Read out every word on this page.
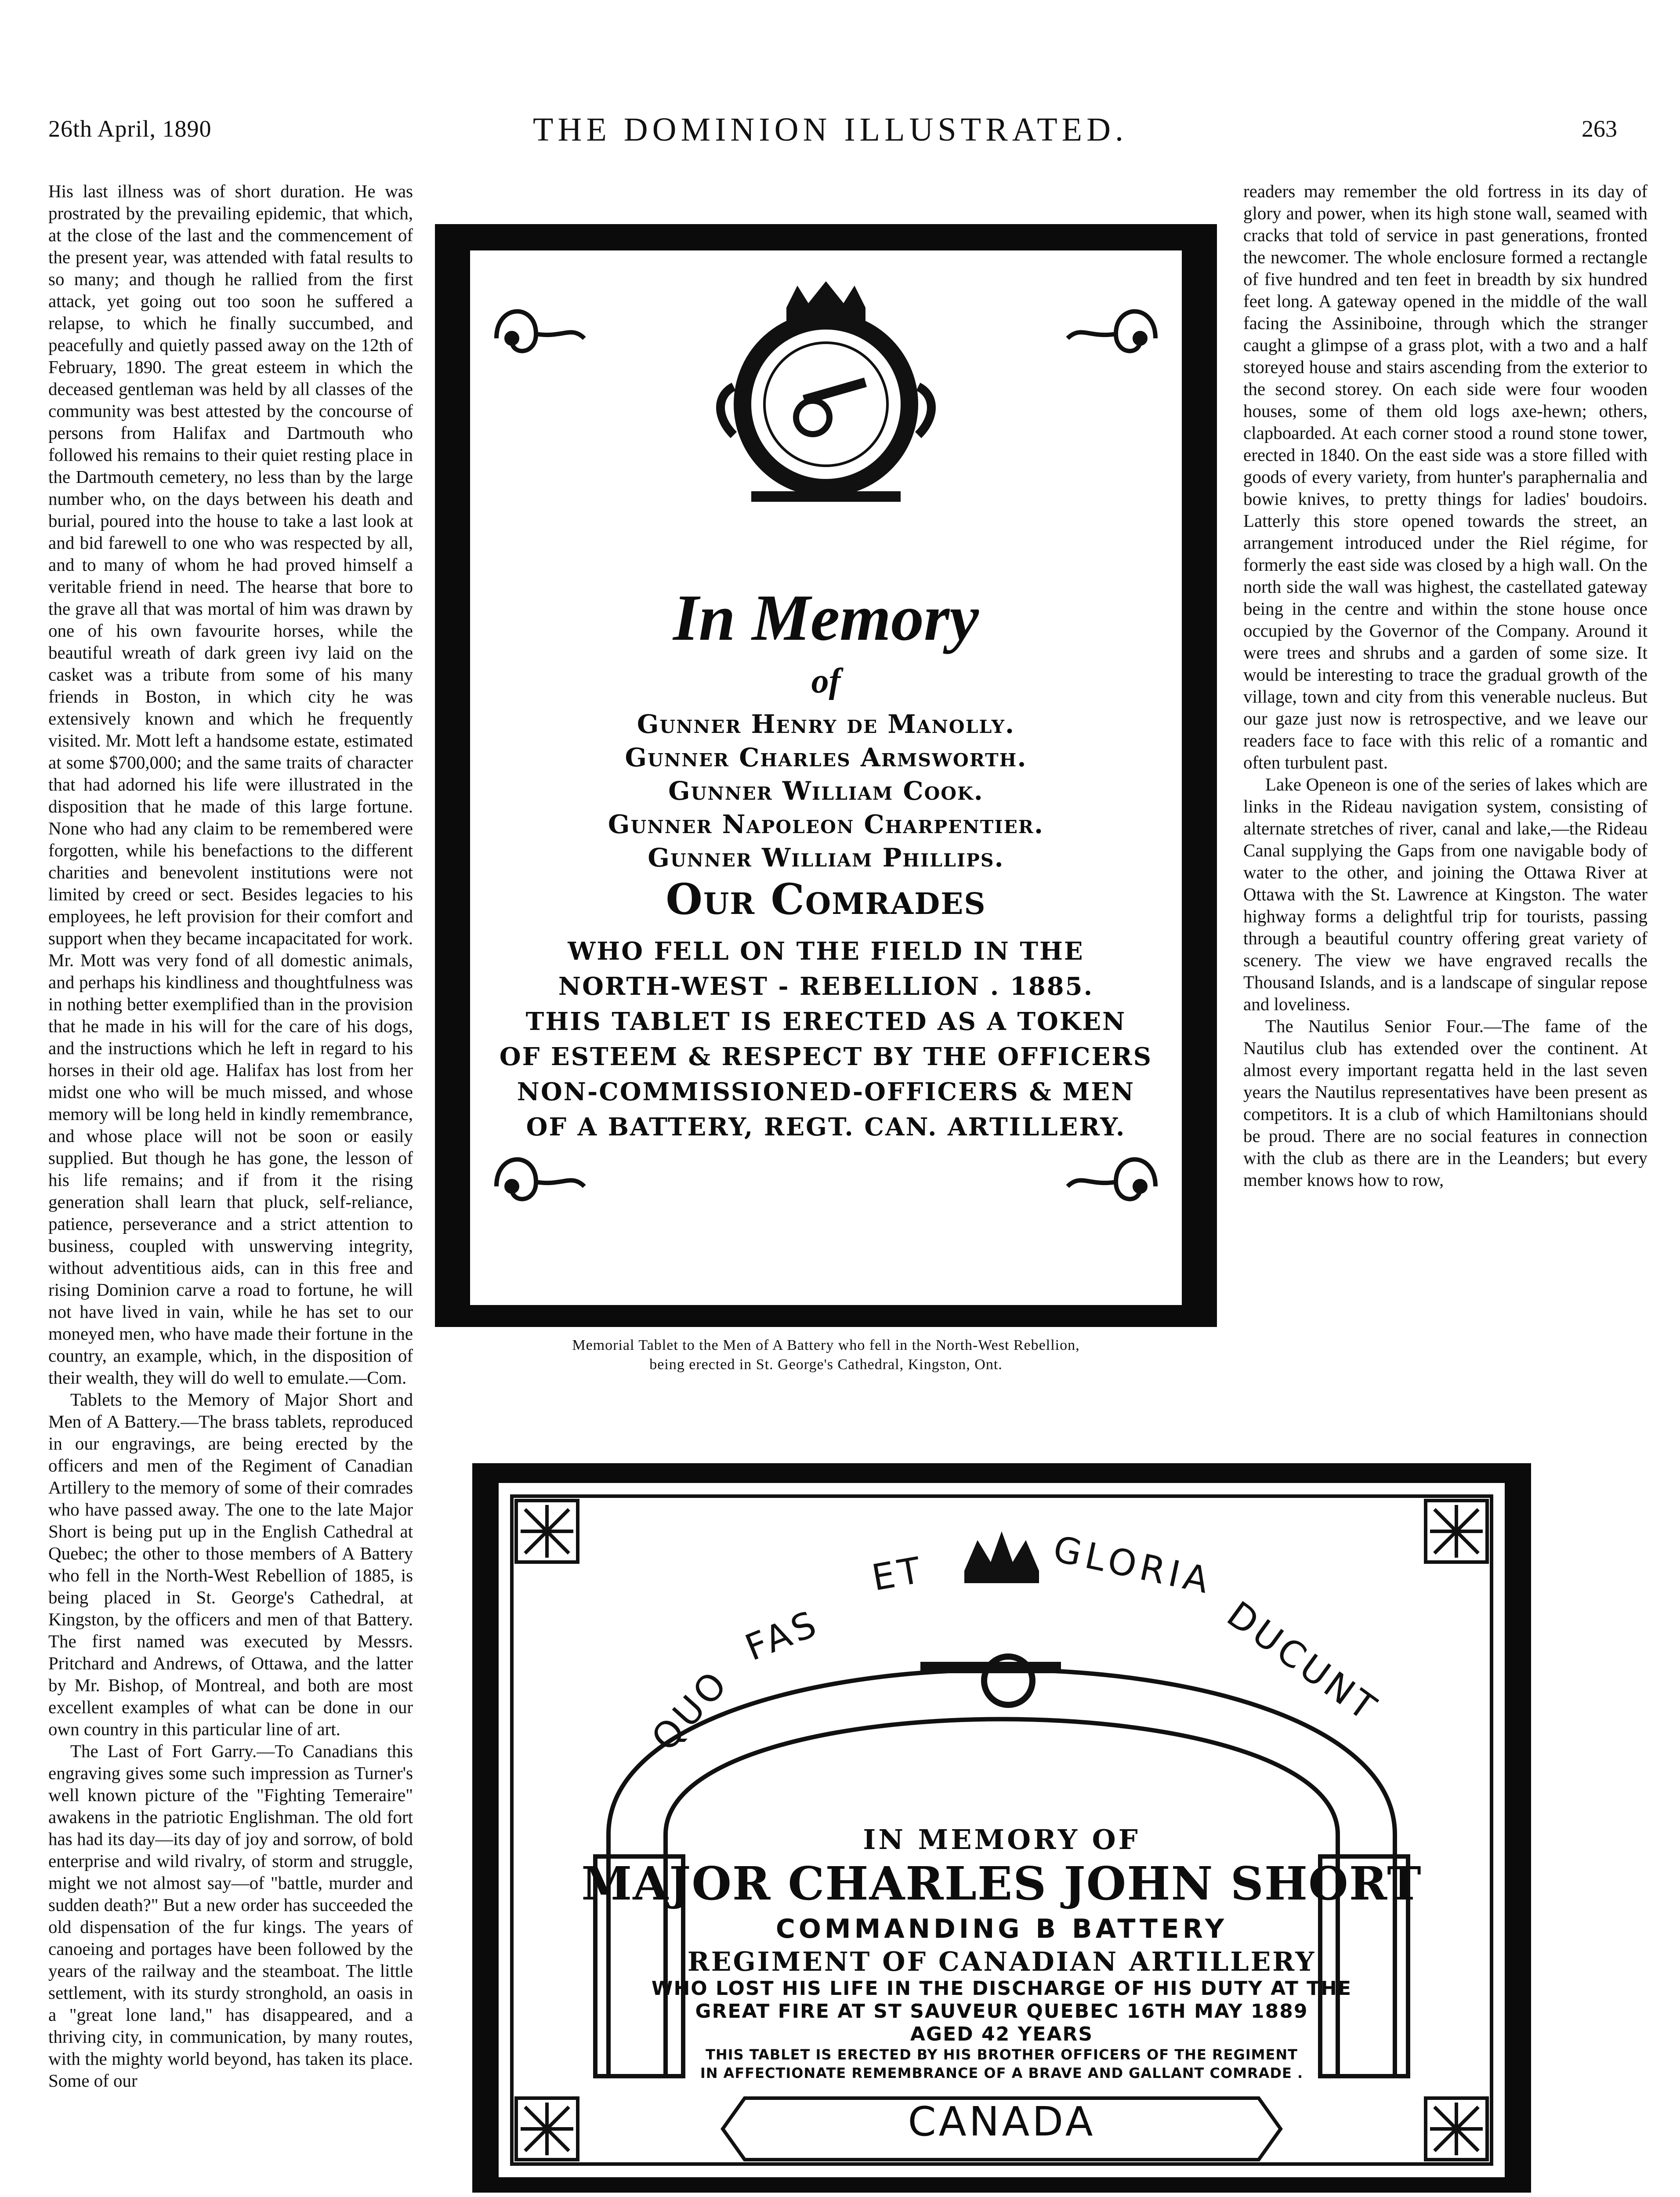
26th April, 1890	THE DOMINION ILLUSTRATED.	263

His last illness was of short duration. He was prostrated by the prevailing epidemic, that which, at the close of the last and the commencement of the present year, was attended with fatal results to so many; and though he rallied from the first attack, yet going out too soon he suffered a relapse, to which he finally succumbed, and peacefully and quietly passed away on the 12th of February, 1890. The great esteem in which the deceased gentleman was held by all classes of the community was best attested by the concourse of persons from Halifax and Dartmouth who followed his remains to their quiet resting place in the Dartmouth cemetery, no less than by the large number who, on the days between his death and burial, poured into the house to take a last look at and bid farewell to one who was respected by all, and to many of whom he had proved himself a veritable friend in need. The hearse that bore to the grave all that was mortal of him was drawn by one of his own favourite horses, while the beautiful wreath of dark green ivy laid on the casket was a tribute from some of his many friends in Boston, in which city he was extensively known and which he frequently visited. Mr. Mott left a handsome estate, estimated at some $700,000; and the same traits of character that had adorned his life were illustrated in the disposition that he made of this large fortune. None who had any claim to be remembered were forgotten, while his benefactions to the different charities and benevolent institutions were not limited by creed or sect. Besides legacies to his employees, he left provision for their comfort and support when they became incapacitated for work. Mr. Mott was very fond of all domestic animals, and perhaps his kindliness and thoughtfulness was in nothing better exemplified than in the provision that he made in his will for the care of his dogs, and the instructions which he left in regard to his horses in their old age. Halifax has lost from her midst one who will be much missed, and whose memory will be long held in kindly remembrance, and whose place will not be soon or easily supplied. But though he has gone, the lesson of his life remains; and if from it the rising generation shall learn that pluck, self-reliance, patience, perseverance and a strict attention to business, coupled with unswerving integrity, without adventitious aids, can in this free and rising Dominion carve a road to fortune, he will not have lived in vain, while he has set to our moneyed men, who have made their fortune in the country, an example, which, in the disposition of their wealth, they will do well to emulate.—Com.

Tablets to the Memory of Major Short and Men of A Battery.—The brass tablets, reproduced in our engravings, are being erected by the officers and men of the Regiment of Canadian Artillery to the memory of some of their comrades who have passed away. The one to the late Major Short is being put up in the English Cathedral at Quebec; the other to those members of A Battery who fell in the North-West Rebellion of 1885, is being placed in St. George's Cathedral, at Kingston, by the officers and men of that Battery. The first named was executed by Messrs. Pritchard and Andrews, of Ottawa, and the latter by Mr. Bishop, of Montreal, and both are most excellent examples of what can be done in our own country in this particular line of art.

The Last of Fort Garry.—To Canadians this engraving gives some such impression as Turner's well known picture of the "Fighting Temeraire" awakens in the patriotic Englishman. The old fort has had its day—its day of joy and sorrow, of bold enterprise and wild rivalry, of storm and struggle, might we not almost say—of "battle, murder and sudden death?" But a new order has succeeded the old dispensation of the fur kings. The years of canoeing and portages have been followed by the years of the railway and the steamboat. The little settlement, with its sturdy stronghold, an oasis in a "great lone land," has disappeared, and a thriving city, in communication, by many routes, with the mighty world beyond, has taken its place. Some of our

readers may remember the old fortress in its day of glory and power, when its high stone wall, seamed with cracks that told of service in past generations, fronted the newcomer. The whole enclosure formed a rectangle of five hundred and ten feet in breadth by six hundred feet long. A gateway opened in the middle of the wall facing the Assiniboine, through which the stranger caught a glimpse of a grass plot, with a two and a half storeyed house and stairs ascending from the exterior to the second storey. On each side were four wooden houses, some of them old logs axe-hewn; others, clapboarded. At each corner stood a round stone tower, erected in 1840. On the east side was a store filled with goods of every variety, from hunter's paraphernalia and bowie knives, to pretty things for ladies' boudoirs. Latterly this store opened towards the street, an arrangement introduced under the Riel régime, for formerly the east side was closed by a high wall. On the north side the wall was highest, the castellated gateway being in the centre and within the stone house once occupied by the Governor of the Company. Around it were trees and shrubs and a garden of some size. It would be interesting to trace the gradual growth of the village, town and city from this venerable nucleus. But our gaze just now is retrospective, and we leave our readers face to face with this relic of a romantic and often turbulent past.

Lake Openeon is one of the series of lakes which are links in the Rideau navigation system, consisting of alternate stretches of river, canal and lake,—the Rideau Canal supplying the Gaps from one navigable body of water to the other, and joining the Ottawa River at Ottawa with the St. Lawrence at Kingston. The water highway forms a delightful trip for tourists, passing through a beautiful country offering great variety of scenery. The view we have engraved recalls the Thousand Islands, and is a landscape of singular repose and loveliness.

The Nautilus Senior Four.—The fame of the Nautilus club has extended over the continent. At almost every important regatta held in the last seven years the Nautilus representatives have been present as competitors. It is a club of which Hamiltonians should be proud. There are no social features in connection with the club as there are in the Leanders; but every member knows how to row,

In Memory
of
Gunner Henry de Manolly.
Gunner Charles Armsworth.
Gunner William Cook.
Gunner Napoleon Charpentier.
Gunner William Phillips.
Our Comrades
WHO FELL ON THE FIELD IN THE
NORTH-WEST - REBELLION . 1885.
THIS TABLET IS ERECTED AS A TOKEN
OF ESTEEM & RESPECT BY THE OFFICERS
NON-COMMISSIONED-OFFICERS & MEN
OF A BATTERY, REGT. CAN. ARTILLERY.
Memorial Tablet to the Men of A Battery who fell in the North-West Rebellion,
being erected in St. George's Cathedral, Kingston, Ont.
QUO
FAS
ET	GLORIA
DUCUNT
IN MEMORY OF
MAJOR CHARLES JOHN SHORT
COMMANDING B BATTERY
REGIMENT OF CANADIAN ARTILLERY
WHO LOST HIS LIFE IN THE DISCHARGE OF HIS DUTY AT THE
GREAT FIRE AT ST SAUVEUR QUEBEC 16TH MAY 1889
AGED 42 YEARS
THIS TABLET IS ERECTED BY HIS BROTHER OFFICERS OF THE REGIMENT
IN AFFECTIONATE REMEMBRANCE OF A BRAVE AND GALLANT COMRADE .
CANADA
